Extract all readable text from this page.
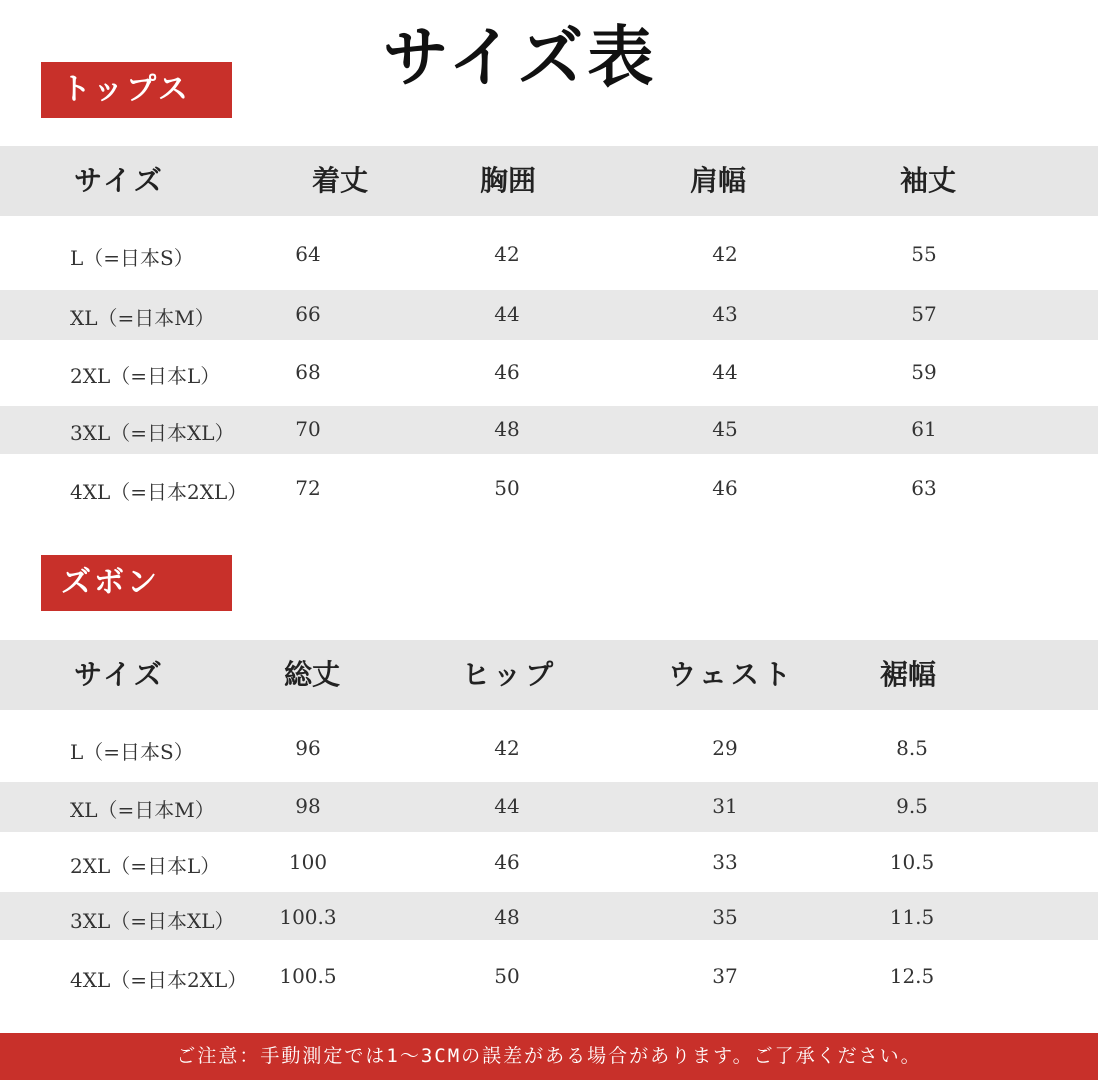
サイズ表
トップス
サイズ	着丈	胸囲	肩幅	袖丈
L（=日本S）	64	42	42	55
XL（=日本M）	66	44	43	57
2XL（=日本L）	68	46	44	59
3XL（=日本XL）	70	48	45	61
4XL（=日本2XL）	72	50	46	63
ズボン
サイズ	総丈	ヒップ	ウェスト	裾幅
L（=日本S）	96	42	29	8.5
XL（=日本M）	98	44	31	9.5
2XL（=日本L）	100	46	33	10.5
3XL（=日本XL）	100.3	48	35	11.5
4XL（=日本2XL）	100.5	50	37	12.5
ご注意：手動測定では1～3CMの誤差がある場合があります。ご了承ください。
